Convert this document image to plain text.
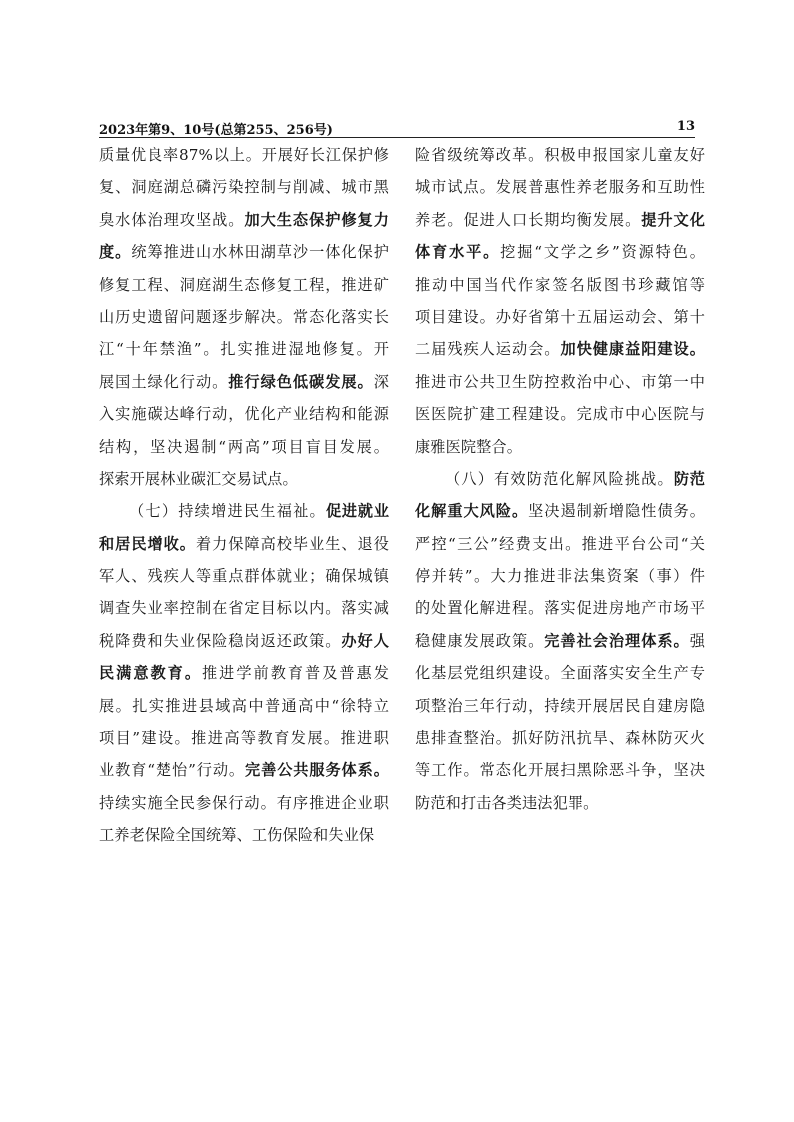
2023年第9、10号(总第255、256号)	13
质量优良率87%以上。开展好长江保护修
复、洞庭湖总磷污染控制与削减、城市黑
臭水体治理攻坚战。加大生态保护修复力
度。统筹推进山水林田湖草沙一体化保护
修复工程、洞庭湖生态修复工程，推进矿
山历史遗留问题逐步解决。常态化落实长
江“十年禁渔”。扎实推进湿地修复。开
展国土绿化行动。推行绿色低碳发展。深
入实施碳达峰行动，优化产业结构和能源
结构，坚决遏制“两高”项目盲目发展。
探索开展林业碳汇交易试点。
（七）持续增进民生福祉。促进就业
和居民增收。着力保障高校毕业生、退役
军人、残疾人等重点群体就业；确保城镇
调查失业率控制在省定目标以内。落实减
税降费和失业保险稳岗返还政策。办好人
民满意教育。推进学前教育普及普惠发
展。扎实推进县域高中普通高中“徐特立
项目”建设。推进高等教育发展。推进职
业教育“楚怡”行动。完善公共服务体系。
持续实施全民参保行动。有序推进企业职
工养老保险全国统筹、工伤保险和失业保
险省级统筹改革。积极申报国家儿童友好
城市试点。发展普惠性养老服务和互助性
养老。促进人口长期均衡发展。提升文化
体育水平。挖掘“文学之乡”资源特色。
推动中国当代作家签名版图书珍藏馆等
项目建设。办好省第十五届运动会、第十
二届残疾人运动会。加快健康益阳建设。
推进市公共卫生防控救治中心、市第一中
医医院扩建工程建设。完成市中心医院与
康雅医院整合。
（八）有效防范化解风险挑战。防范
化解重大风险。坚决遏制新增隐性债务。
严控“三公”经费支出。推进平台公司“关
停并转”。大力推进非法集资案（事）件
的处置化解进程。落实促进房地产市场平
稳健康发展政策。完善社会治理体系。强
化基层党组织建设。全面落实安全生产专
项整治三年行动，持续开展居民自建房隐
患排查整治。抓好防汛抗旱、森林防灭火
等工作。常态化开展扫黑除恶斗争，坚决
防范和打击各类违法犯罪。
